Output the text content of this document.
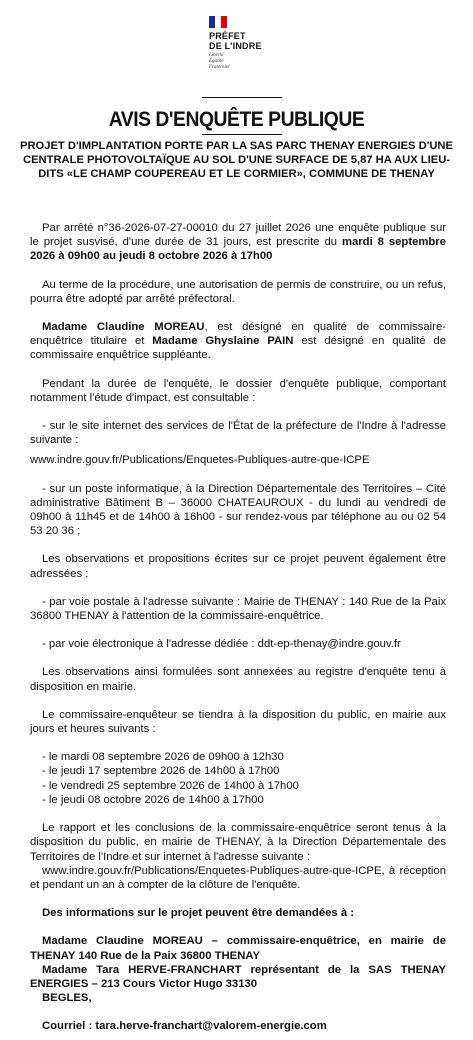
PRÉFET
DE L'INDRE
Liberté
Égalité
Fraternité
AVIS D'ENQUÊTE PUBLIQUE
PROJET D'IMPLANTATION PORTE PAR LA SAS PARC THENAY ENERGIES D'UNE CENTRALE PHOTOVOLTAÏQUE AU SOL D'UNE SURFACE DE 5,87 HA AUX LIEU-DITS «LE CHAMP COUPEREAU ET LE CORMIER», COMMUNE DE THENAY

Par arrêté n°36-2026-07-27-00010 du 27 juillet 2026 une enquête publique sur le projet susvisé, d'une durée de 31 jours, est prescrite du mardi 8 septembre 2026 à 09h00 au jeudi 8 octobre 2026 à 17h00

Au terme de la procédure, une autorisation de permis de construire, ou un refus, pourra être adopté par arrêté préfectoral.

Madame Claudine MOREAU, est désigné en qualité de commissaire-enquêtrice titulaire et Madame Ghyslaine PAIN est désigné en qualité de commissaire enquêtrice suppléante.

Pendant la durée de l'enquête, le dossier d'enquête publique, comportant notamment l'étude d'impact, est consultable :

- sur le site internet des services de l'État de la préfecture de l'Indre à l'adresse suivante :

www.indre.gouv.fr/Publications/Enquetes-Publiques-autre-que-ICPE

- sur un poste informatique, à la Direction Départementale des Territoires – Cité administrative Bâtiment B – 36000 CHATEAUROUX - du lundi au vendredi de 09h00 à 11h45 et de 14h00 à 16h00 - sur rendez-vous par téléphone au ou 02 54 53 20 36 ;

Les observations et propositions écrites sur ce projet peuvent également être adressées :

- par voie postale à l'adresse suivante : Mairie de THENAY : 140 Rue de la Paix 36800 THENAY à l'attention de la commissaire-enquêtrice.

- par voie électronique à l'adresse dédiée : ddt-ep-thenay@indre.gouv.fr

Les observations ainsi formulées sont annexées au registre d'enquête tenu à disposition en mairie.

Le commissaire-enquêteur se tiendra à la disposition du public, en mairie aux jours et heures suivants :

- le mardi 08 septembre 2026 de 09h00 à 12h30

- le jeudi 17 septembre 2026 de 14h00 à 17h00

- le vendredi 25 septembre 2026 de 14h00 à 17h00

- le jeudi 08 octobre 2026 de 14h00 à 17h00

Le rapport et les conclusions de la commissaire-enquêtrice seront tenus à la disposition du public, en mairie de THENAY, à la Direction Départementale des Territoires de l'Indre et sur internet à l'adresse suivante :

www.indre.gouv.fr/Publications/Enquetes-Publiques-autre-que-ICPE, à réception et pendant un an à compter de la clôture de l'enquête.

Des informations sur le projet peuvent être demandées à :

Madame Claudine MOREAU – commissaire-enquêtrice, en mairie de THENAY 140 Rue de la Paix 36800 THENAY

Madame Tara HERVE-FRANCHART représentant de la SAS THENAY ENERGIES – 213 Cours Victor Hugo 33130

BEGLES,

Courriel : tara.herve-franchart@valorem-energie.com
